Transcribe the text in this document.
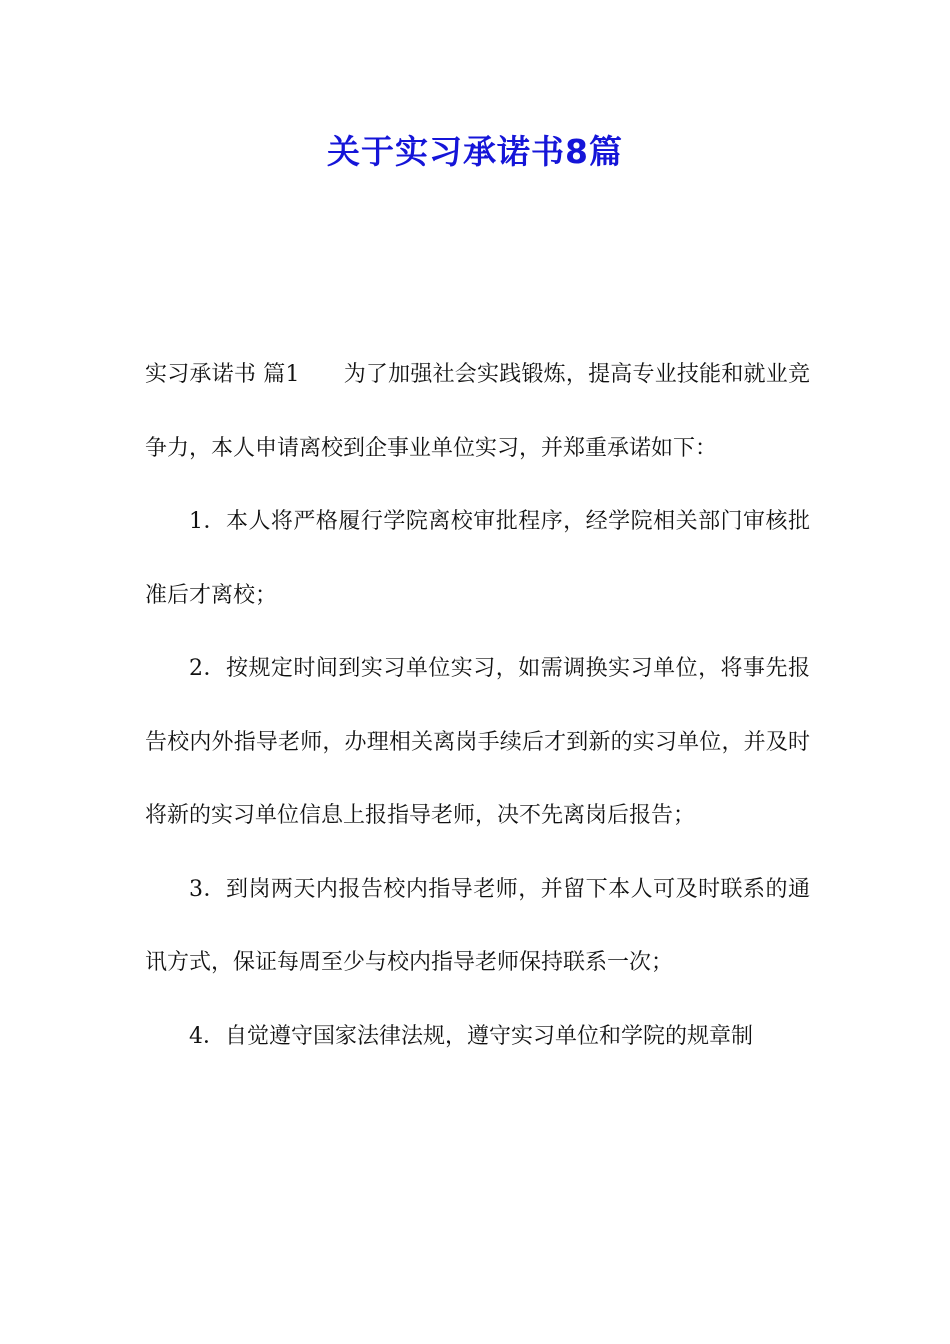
关于实习承诺书8篇

实习承诺书 篇1 为了加强社会实践锻炼，提高专业技能和就业竞争力，本人申请离校到企事业单位实习，并郑重承诺如下：

1．本人将严格履行学院离校审批程序，经学院相关部门审核批准后才离校；

2．按规定时间到实习单位实习，如需调换实习单位，将事先报告校内外指导老师，办理相关离岗手续后才到新的实习单位，并及时将新的实习单位信息上报指导老师，决不先离岗后报告；

3．到岗两天内报告校内指导老师，并留下本人可及时联系的通讯方式，保证每周至少与校内指导老师保持联系一次；

4．自觉遵守国家法律法规，遵守实习单位和学院的规章制
